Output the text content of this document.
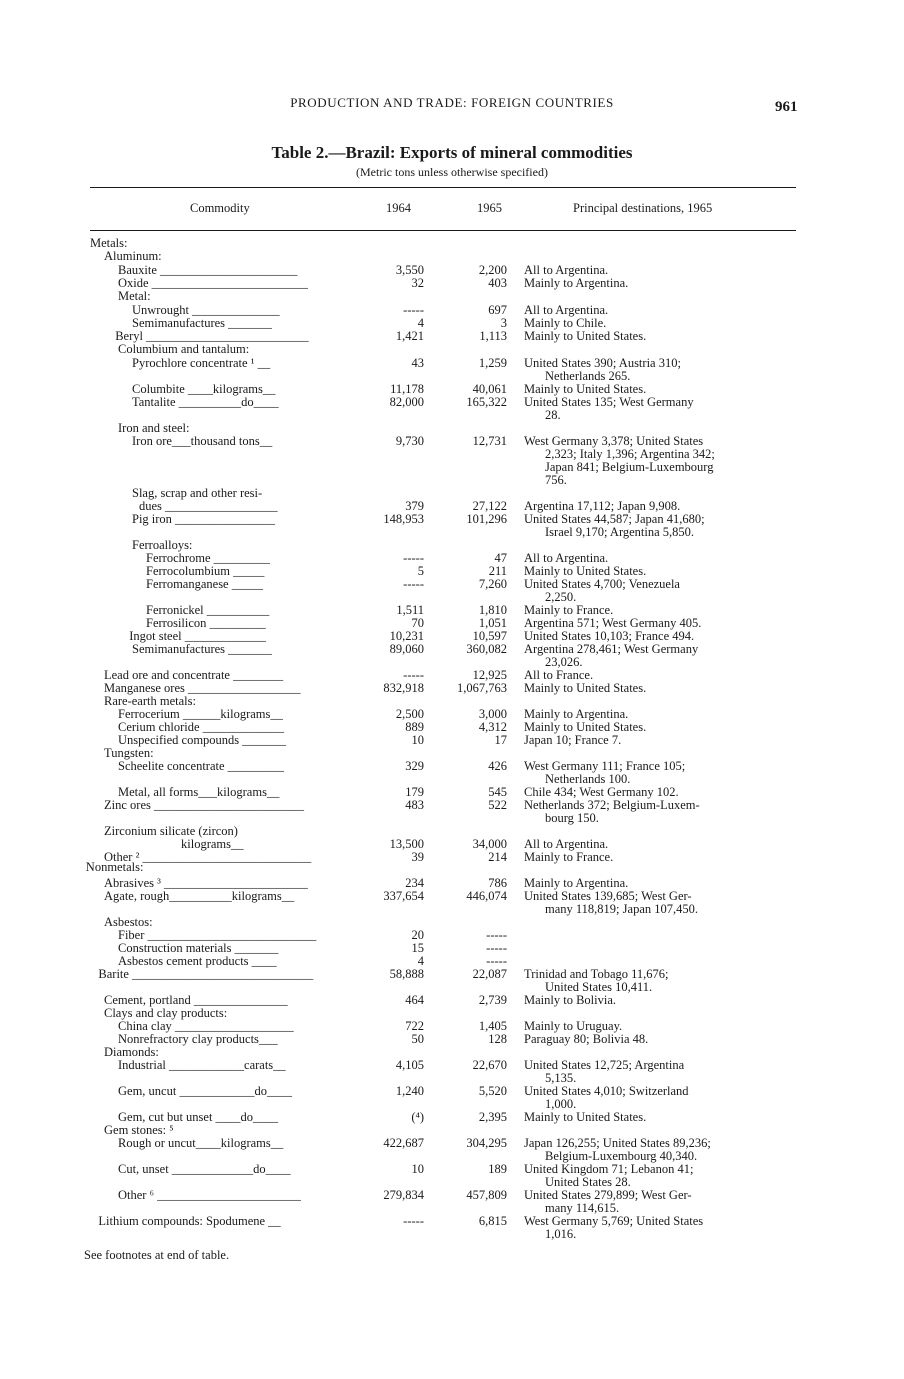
PRODUCTION AND TRADE: FOREIGN COUNTRIES	961
Table 2.—Brazil: Exports of mineral commodities
(Metric tons unless otherwise specified)
Commodity	1964	1965	Principal destinations, 1965
Metals:
Aluminum:
Bauxite ______________________	3,550	2,200 All to Argentina.
Oxide _________________________	32	403 Mainly to Argentina.
Metal:
Unwrought ______________	-----	697 All to Argentina.
Semimanufactures _______	4	3 Mainly to Chile.
Beryl __________________________	1,421	1,113 Mainly to United States.
Columbium and tantalum:
Pyrochlore concentrate ¹ __	43	1,259 United States 390; Austria 310;
Netherlands 265.
Columbite ____kilograms__	11,178	40,061 Mainly to United States.
Tantalite __________do____	82,000	165,322 United States 135; West Germany
28.
Iron and steel:
Iron ore___thousand tons__	9,730	12,731 West Germany 3,378; United States
2,323; Italy 1,396; Argentina 342;
Japan 841; Belgium-Luxembourg
756.
Slag, scrap and other resi-
dues __________________	379	27,122 Argentina 17,112; Japan 9,908.
Pig iron ________________	148,953	101,296 United States 44,587; Japan 41,680;
Israel 9,170; Argentina 5,850.
Ferroalloys:
Ferrochrome _________	-----	47 All to Argentina.
Ferrocolumbium _____	5	211 Mainly to United States.
Ferromanganese _____	-----	7,260 United States 4,700; Venezuela
2,250.
Ferronickel __________	1,511	1,810 Mainly to France.
Ferrosilicon _________	70	1,051 Argentina 571; West Germany 405.
Ingot steel _____________	10,231	10,597 United States 10,103; France 494.
Semimanufactures _______	89,060	360,082 Argentina 278,461; West Germany
23,026.
Lead ore and concentrate ________	-----	12,925 All to France.
Manganese ores __________________	832,918	1,067,763 Mainly to United States.
Rare-earth metals:
Ferrocerium ______kilograms__	2,500	3,000 Mainly to Argentina.
Cerium chloride _____________	889	4,312 Mainly to United States.
Unspecified compounds _______	10	17 Japan 10; France 7.
Tungsten:
Scheelite concentrate _________	329	426 West Germany 111; France 105;
Netherlands 100.
Metal, all forms___kilograms__	179	545 Chile 434; West Germany 102.
Zinc ores ________________________	483	522 Netherlands 372; Belgium-Luxem-
bourg 150.
Zirconium silicate (zircon)
kilograms__	13,500	34,000 All to Argentina.
Other ² ___________________________	39	214 Mainly to France.
Nonmetals:
Abrasives ³ _______________________	234	786 Mainly to Argentina.
Agate, rough__________kilograms__	337,654	446,074 United States 139,685; West Ger-
many 118,819; Japan 107,450.
Asbestos:
Fiber ___________________________	20	-----
Construction materials _______	15	-----
Asbestos cement products ____	4	-----
Barite _____________________________	58,888	22,087 Trinidad and Tobago 11,676;
United States 10,411.
Cement, portland _______________	464	2,739 Mainly to Bolivia.
Clays and clay products:
China clay ___________________	722	1,405 Mainly to Uruguay.
Nonrefractory clay products___	50	128 Paraguay 80; Bolivia 48.
Diamonds:
Industrial ____________carats__	4,105	22,670 United States 12,725; Argentina
5,135.
Gem, uncut ____________do____	1,240	5,520 United States 4,010; Switzerland
1,000.
Gem, cut but unset ____do____	(⁴)	2,395 Mainly to United States.
Gem stones: ⁵
Rough or uncut____kilograms__	422,687	304,295 Japan 126,255; United States 89,236;
Belgium-Luxembourg 40,340.
Cut, unset _____________do____	10	189 United Kingdom 71; Lebanon 41;
United States 28.
Other ⁶ _______________________	279,834	457,809 United States 279,899; West Ger-
many 114,615.
Lithium compounds: Spodumene __	-----	6,815 West Germany 5,769; United States
1,016.
See footnotes at end of table.
